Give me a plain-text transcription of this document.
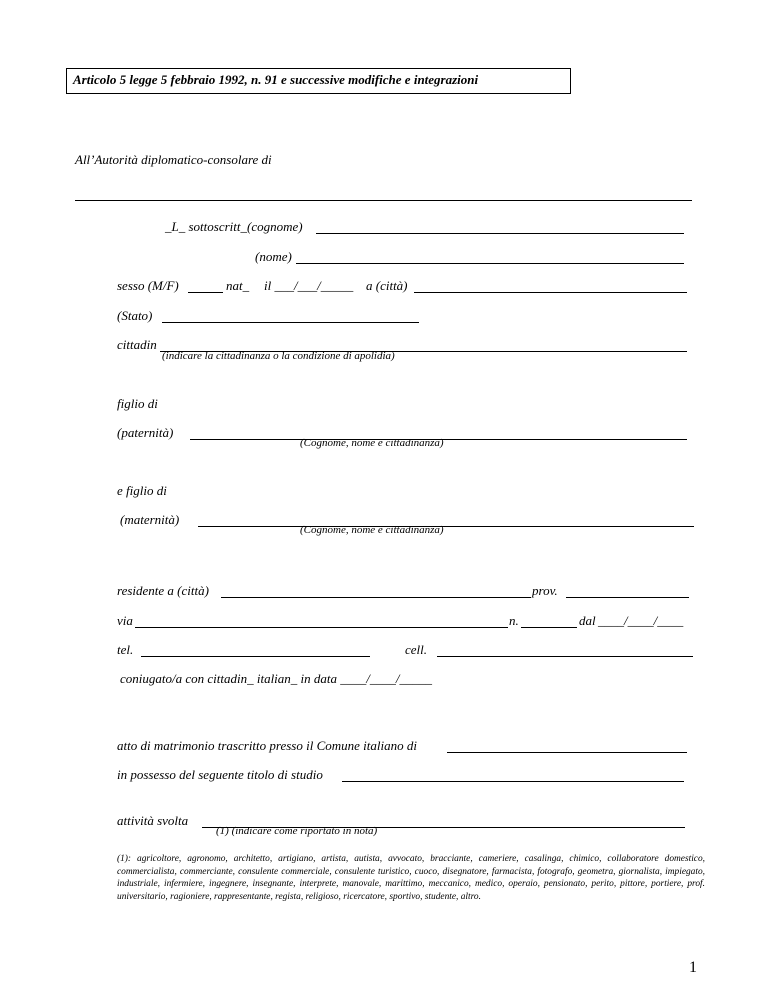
Articolo 5 legge 5 febbraio 1992, n. 91 e successive modifiche e integrazioni
All’Autorità diplomatico-consolare di
_L_ sottoscritt_(cognome)
(nome)
sesso (M/F)	nat_ il ___/___/_____ a (città)
(Stato)
cittadin
(indicare la cittadinanza o la condizione di apolidia)
figlio di
(paternità)
(Cognome, nome e cittadinanza)
e figlio di
(maternità)
(Cognome, nome e cittadinanza)
residente a (città)	prov.
via	n.	dal ____/____/____
tel.	cell.
coniugato/a con cittadin_ italian_ in data ____/____/_____
atto di matrimonio trascritto presso il Comune italiano di
in possesso del seguente titolo di studio
attività svolta
(1) (indicare come riportato in nota)
(1): agricoltore, agronomo, architetto, artigiano, artista, autista, avvocato, bracciante, cameriere, casalinga, chimico, collaboratore domestico, commercialista, commerciante, consulente commerciale, consulente turistico, cuoco, disegnatore, farmacista, fotografo, geometra, giornalista, impiegato, industriale, infermiere, ingegnere, insegnante, interprete, manovale, marittimo, meccanico, medico, operaio, pensionato, perito, pittore, portiere, prof. universitario, ragioniere, rappresentante, regista, religioso, ricercatore, sportivo, studente, altro.
1
